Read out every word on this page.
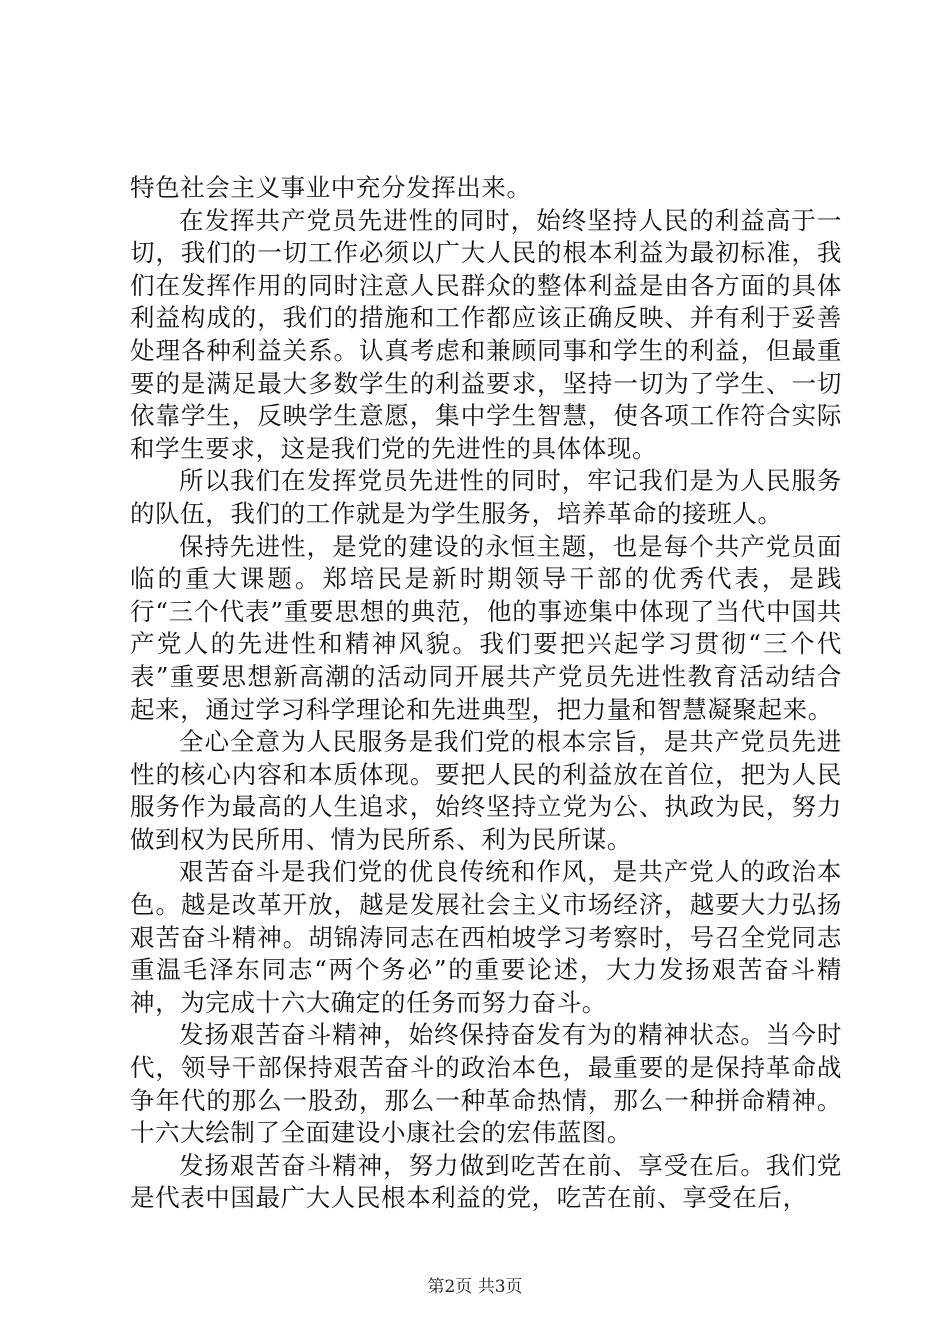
特色社会主义事业中充分发挥出来。

在发挥共产党员先进性的同时，始终坚持人民的利益高于一切，我们的一切工作必须以广大人民的根本利益为最初标准，我们在发挥作用的同时注意人民群众的整体利益是由各方面的具体利益构成的，我们的措施和工作都应该正确反映、并有利于妥善处理各种利益关系。认真考虑和兼顾同事和学生的利益，但最重要的是满足最大多数学生的利益要求，坚持一切为了学生、一切依靠学生，反映学生意愿，集中学生智慧，使各项工作符合实际和学生要求，这是我们党的先进性的具体体现。

所以我们在发挥党员先进性的同时，牢记我们是为人民服务的队伍，我们的工作就是为学生服务，培养革命的接班人。

保持先进性，是党的建设的永恒主题，也是每个共产党员面临的重大课题。郑培民是新时期领导干部的优秀代表，是践行“三个代表”重要思想的典范，他的事迹集中体现了当代中国共产党人的先进性和精神风貌。我们要把兴起学习贯彻“三个代表”重要思想新高潮的活动同开展共产党员先进性教育活动结合起来，通过学习科学理论和先进典型，把力量和智慧凝聚起来。

全心全意为人民服务是我们党的根本宗旨，是共产党员先进性的核心内容和本质体现。要把人民的利益放在首位，把为人民服务作为最高的人生追求，始终坚持立党为公、执政为民，努力做到权为民所用、情为民所系、利为民所谋。

艰苦奋斗是我们党的优良传统和作风，是共产党人的政治本色。越是改革开放，越是发展社会主义市场经济，越要大力弘扬艰苦奋斗精神。胡锦涛同志在西柏坡学习考察时，号召全党同志重温毛泽东同志“两个务必”的重要论述，大力发扬艰苦奋斗精神，为完成十六大确定的任务而努力奋斗。

发扬艰苦奋斗精神，始终保持奋发有为的精神状态。当今时代，领导干部保持艰苦奋斗的政治本色，最重要的是保持革命战争年代的那么一股劲，那么一种革命热情，那么一种拼命精神。十六大绘制了全面建设小康社会的宏伟蓝图。

发扬艰苦奋斗精神，努力做到吃苦在前、享受在后。我们党是代表中国最广大人民根本利益的党，吃苦在前、享受在后，

第2页 共3页
